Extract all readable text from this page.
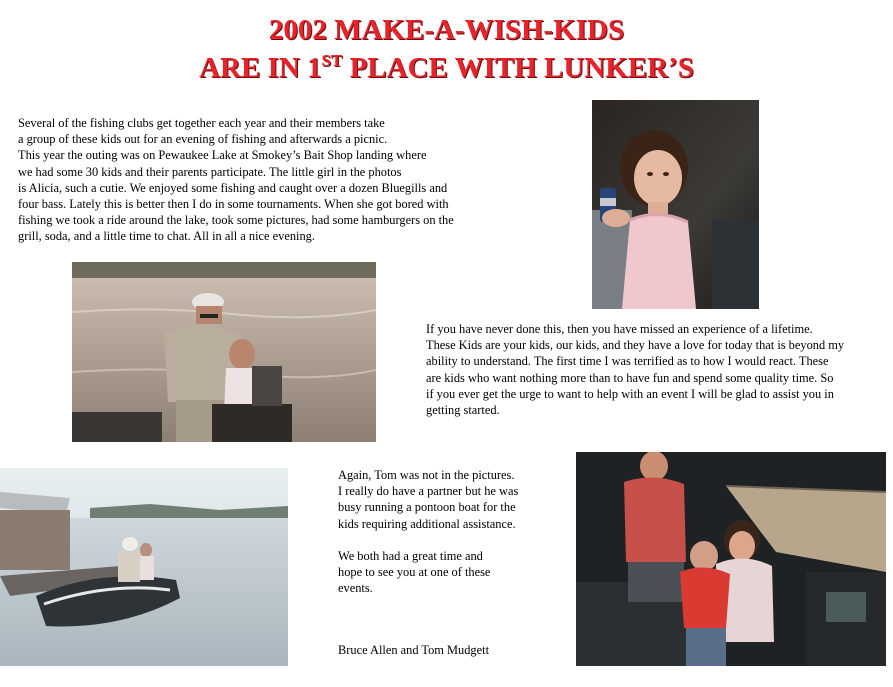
2002 MAKE-A-WISH-KIDS
ARE IN 1ST PLACE WITH LUNKER’S

Several of the fishing clubs get together each year and their members take

a group of these kids out for an evening of fishing and afterwards a picnic.

This year the outing was on Pewaukee Lake at Smokey’s Bait Shop landing where

we had some 30 kids and their parents participate. The little girl in the photos

is Alicia, such a cutie. We enjoyed some fishing and caught over a dozen Bluegills and

four bass. Lately this is better then I do in some tournaments. When she got bored with

fishing we took a ride around the lake, took some pictures, had some hamburgers on the

grill, soda, and a little time to chat. All in all a nice evening.

If you have never done this, then you have missed an experience of a lifetime.

These Kids are your kids, our kids, and they have a love for today that is beyond my

ability to understand. The first time I was terrified as to how I would react. These

are kids who want nothing more than to have fun and spend some quality time. So

if you ever get the urge to want to help with an event I will be glad to assist you in

getting started.

Again, Tom was not in the pictures.

I really do have a partner but he was

busy running a pontoon boat for the

kids requiring additional assistance.

We both had a great time and

hope to see you at one of these

events.

Bruce Allen and Tom Mudgett
